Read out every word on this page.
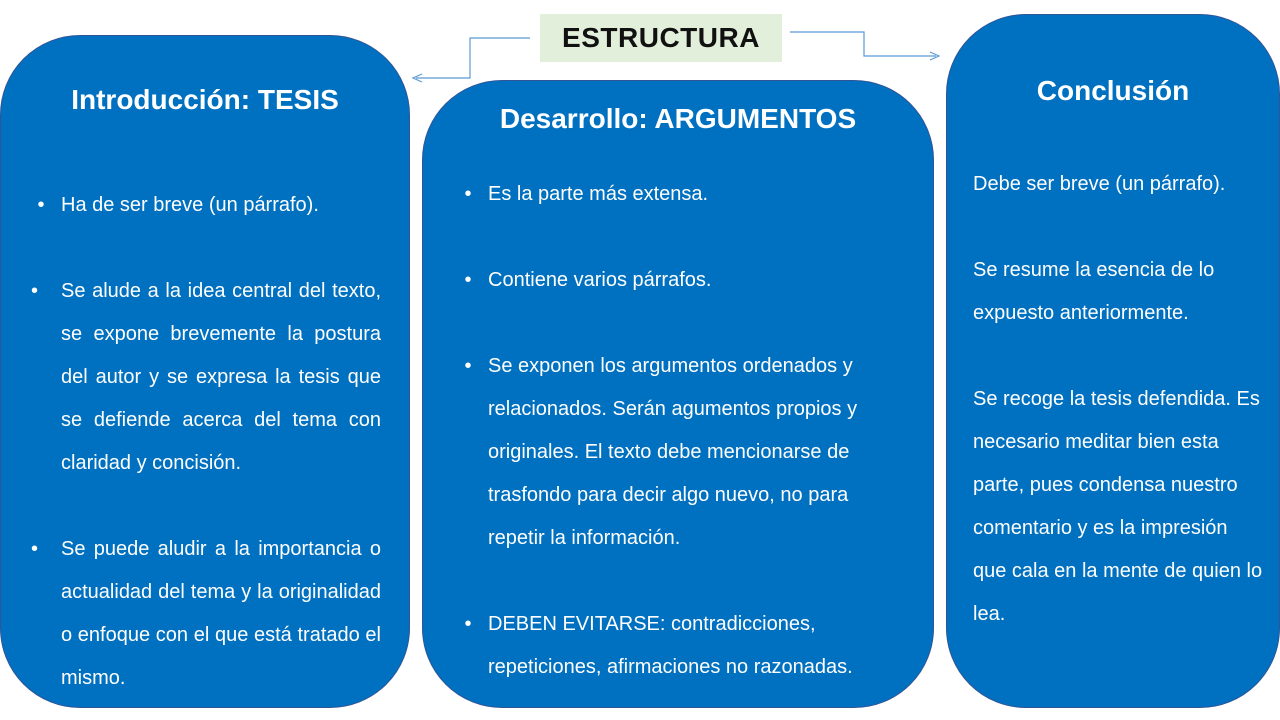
ESTRUCTURA
Introducción: TESIS
• Ha de ser breve (un párrafo).
•	Se alude a la idea central del texto, se expone brevemente la postura del autor y se expresa la tesis que se defiende acerca del tema con claridad y concisión.
•	Se puede aludir a la importancia o actualidad del tema y la originalidad o enfoque con el que está tratado el mismo.
Desarrollo: ARGUMENTOS
• Es la parte más extensa.
• Contiene varios párrafos.
• Se exponen los argumentos ordenados y relacionados. Serán agumentos propios y originales. El texto debe mencionarse de trasfondo para decir algo nuevo, no para repetir la información.
• DEBEN EVITARSE: contradicciones, repeticiones, afirmaciones no razonadas.
Conclusión

Debe ser breve (un párrafo).

Se resume la esencia de lo expuesto anteriormente.

Se recoge la tesis defendida. Es necesario meditar bien esta parte, pues condensa nuestro comentario y es la impresión que cala en la mente de quien lo lea.
